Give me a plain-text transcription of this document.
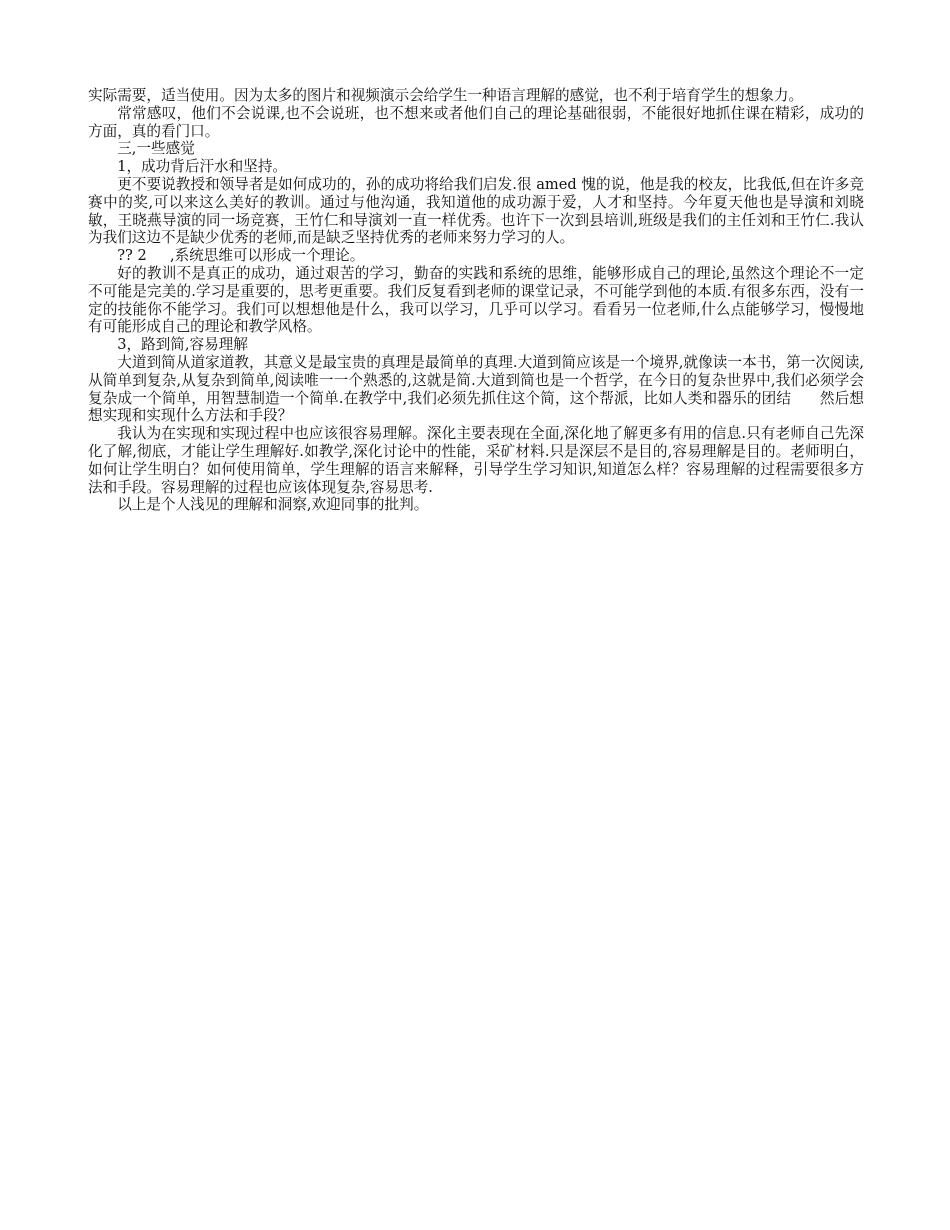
实际需要，适当使用。因为太多的图片和视频演示会给学生一种语言理解的感觉，也不利于培育学生的想象力。

常常感叹，他们不会说课,也不会说班，也不想来或者他们自己的理论基础很弱，不能很好地抓住课在精彩，成功的方面，真的看门口。

三,一些感觉

1，成功背后汗水和坚持。

更不要说教授和领导者是如何成功的，孙的成功将给我们启发.很 amed 愧的说，他是我的校友，比我低,但在许多竞赛中的奖,可以来这么美好的教训。通过与他沟通，我知道他的成功源于爱，人才和坚持。今年夏天他也是导演和刘晓敏，王晓燕导演的同一场竞赛，王竹仁和导演刘一直一样优秀。也许下一次到县培训,班级是我们的主任刘和王竹仁.我认为我们这边不是缺少优秀的老师,而是缺乏坚持优秀的老师来努力学习的人。

?? 2     ,系统思维可以形成一个理论。

好的教训不是真正的成功，通过艰苦的学习，勤奋的实践和系统的思维，能够形成自己的理论,虽然这个理论不一定不可能是完美的.学习是重要的，思考更重要。我们反复看到老师的课堂记录，不可能学到他的本质.有很多东西，没有一定的技能你不能学习。我们可以想想他是什么，我可以学习，几乎可以学习。看看另一位老师,什么点能够学习，慢慢地有可能形成自己的理论和教学风格。

3，路到简,容易理解

大道到简从道家道教，其意义是最宝贵的真理是最简单的真理.大道到简应该是一个境界,就像读一本书，第一次阅读,从简单到复杂,从复杂到简单,阅读唯一一个熟悉的,这就是简.大道到简也是一个哲学，在今日的复杂世界中,我们必须学会复杂成一个简单，用智慧制造一个简单.在教学中,我们必须先抓住这个简，这个帮派，比如人类和器乐的团结      然后想想实现和实现什么方法和手段？

我认为在实现和实现过程中也应该很容易理解。深化主要表现在全面,深化地了解更多有用的信息.只有老师自己先深化了解,彻底，才能让学生理解好.如教学,深化讨论中的性能，采矿材料.只是深层不是目的,容易理解是目的。老师明白，如何让学生明白？如何使用简单，学生理解的语言来解释，引导学生学习知识,知道怎么样？容易理解的过程需要很多方法和手段。容易理解的过程也应该体现复杂,容易思考.

以上是个人浅见的理解和洞察,欢迎同事的批判。
